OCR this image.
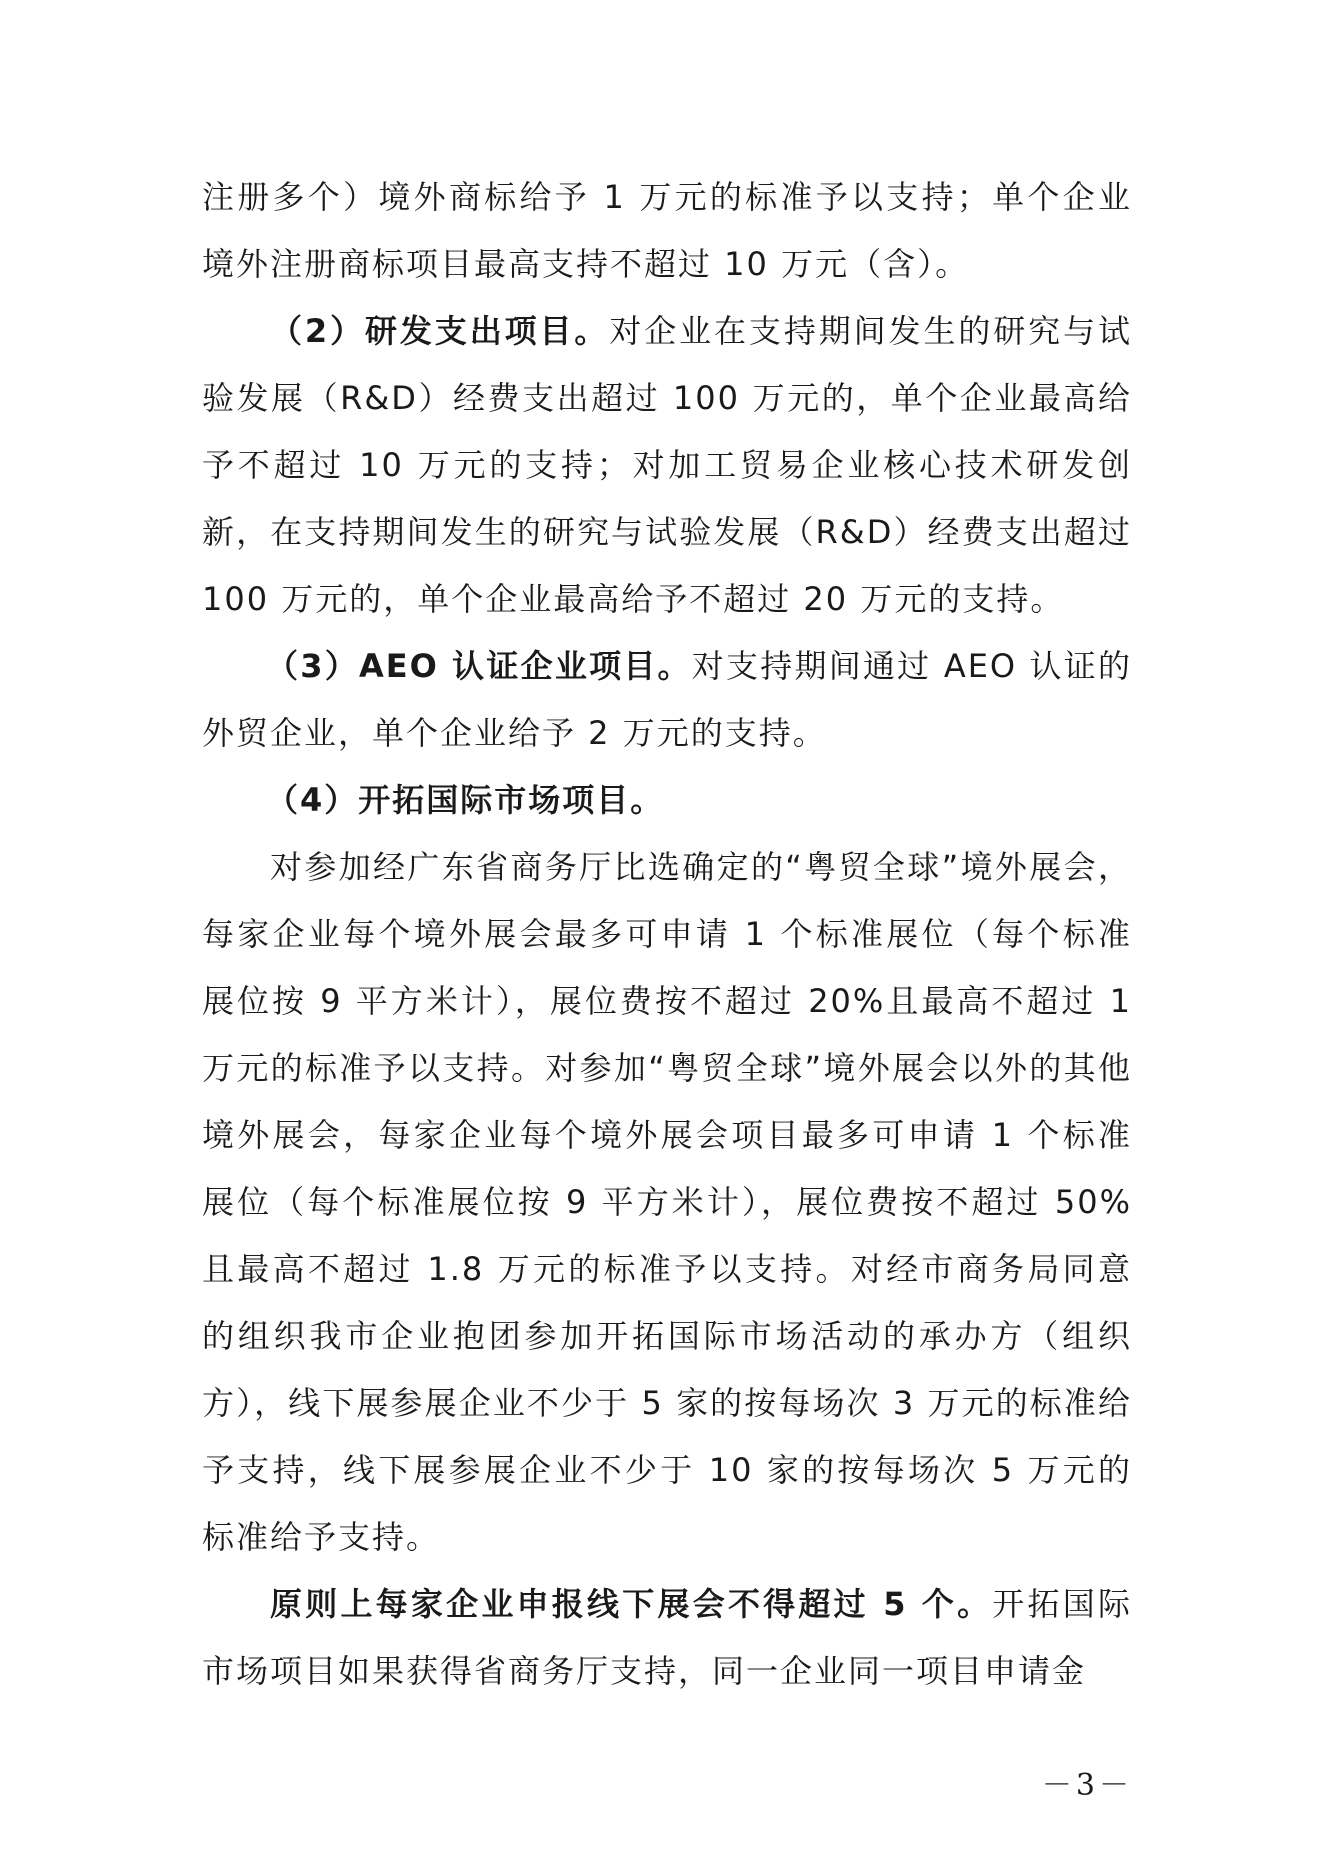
注册多个）境外商标给予 1 万元的标准予以支持；单个企业境外注册商标项目最高支持不超过 10 万元（含）。

（2）研发支出项目。对企业在支持期间发生的研究与试验发展（R&D）经费支出超过 100 万元的，单个企业最高给予不超过 10 万元的支持；对加工贸易企业核心技术研发创新，在支持期间发生的研究与试验发展（R&D）经费支出超过 100 万元的，单个企业最高给予不超过 20 万元的支持。

（3）AEO 认证企业项目。对支持期间通过 AEO 认证的外贸企业，单个企业给予 2 万元的支持。

（4）开拓国际市场项目。

对参加经广东省商务厅比选确定的“粤贸全球”境外展会，每家企业每个境外展会最多可申请 1 个标准展位（每个标准展位按 9 平方米计），展位费按不超过 20%且最高不超过 1 万元的标准予以支持。对参加“粤贸全球”境外展会以外的其他境外展会，每家企业每个境外展会项目最多可申请 1 个标准展位（每个标准展位按 9 平方米计），展位费按不超过 50%且最高不超过 1.8 万元的标准予以支持。对经市商务局同意的组织我市企业抱团参加开拓国际市场活动的承办方（组织方），线下展参展企业不少于 5 家的按每场次 3 万元的标准给予支持，线下展参展企业不少于 10 家的按每场次 5 万元的标准给予支持。

原则上每家企业申报线下展会不得超过 5 个。开拓国际市场项目如果获得省商务厅支持，同一企业同一项目申请金

－3－
